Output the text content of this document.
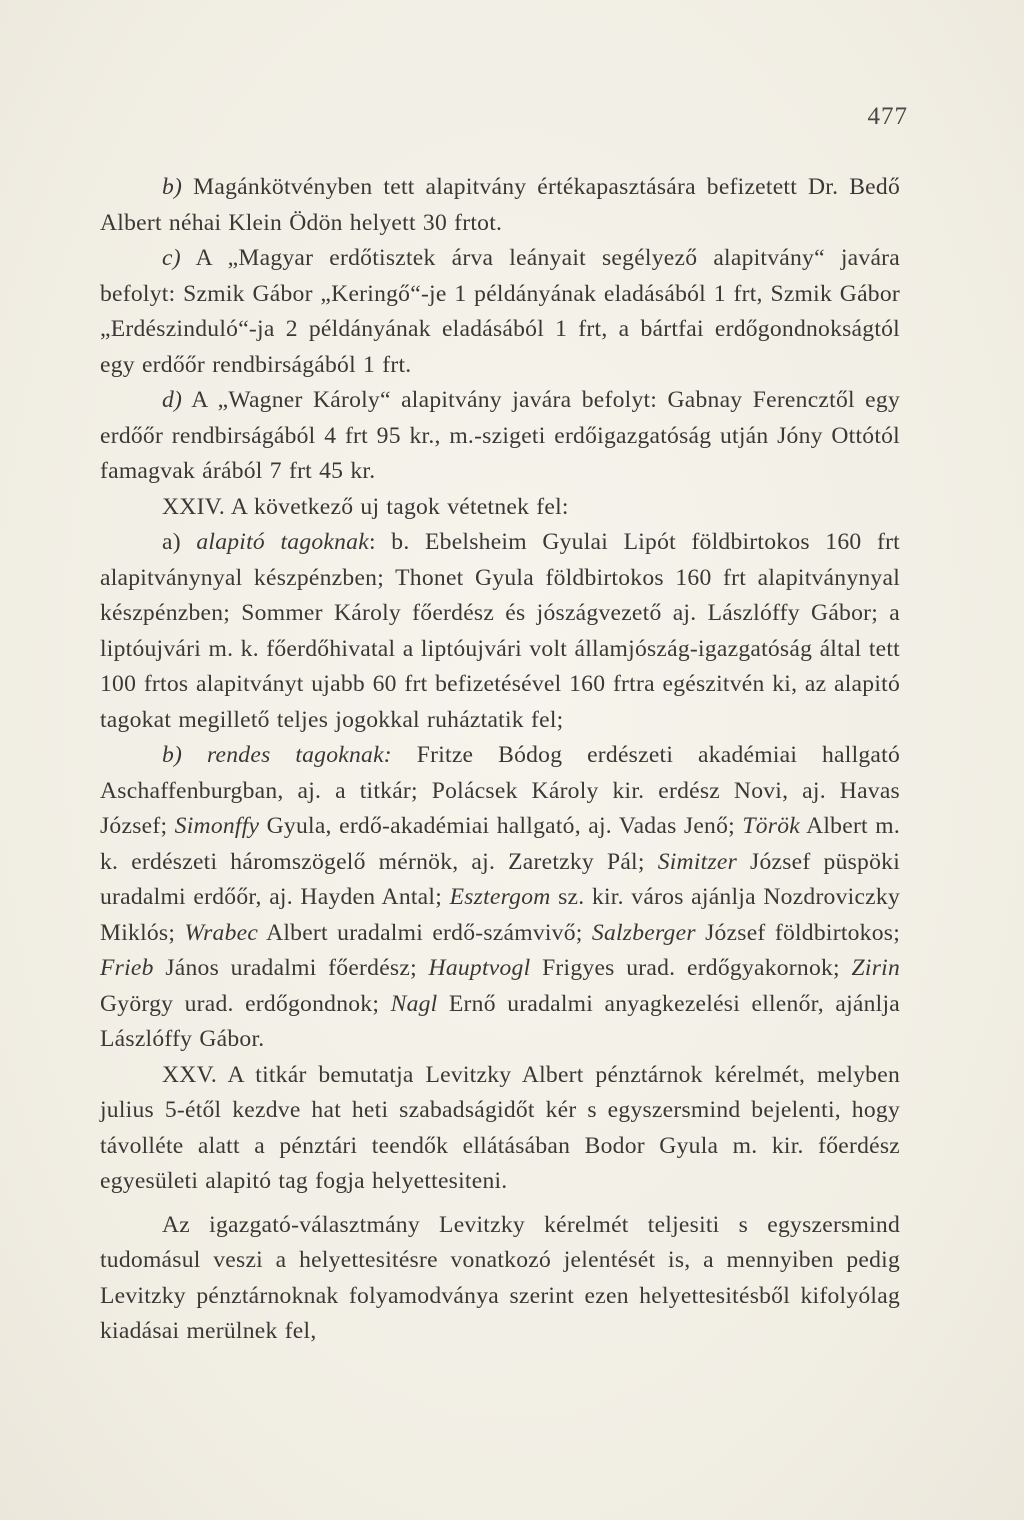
477

b) Magánkötvényben tett alapitvány értékapasztására befizetett Dr. Bedő Albert néhai Klein Ödön helyett 30 frtot.

c) A „Magyar erdőtisztek árva leányait segélyező alapitvány“ javára befolyt: Szmik Gábor „Keringő“-je 1 példányának eladásából 1 frt, Szmik Gábor „Erdészinduló“-ja 2 példányának eladásából 1 frt, a bártfai erdőgondnokságtól egy erdőőr rendbirságából 1 frt.

d) A „Wagner Károly“ alapitvány javára befolyt: Gabnay Ferencztől egy erdőőr rendbirságából 4 frt 95 kr., m.-szigeti erdőigazgatóság utján Jóny Ottótól famagvak árából 7 frt 45 kr.

XXIV. A következő uj tagok vétetnek fel:

a) alapitó tagoknak: b. Ebelsheim Gyulai Lipót földbirtokos 160 frt alapitványnyal készpénzben; Thonet Gyula földbirtokos 160 frt alapitványnyal készpénzben; Sommer Károly főerdész és jószágvezető aj. Lászlóffy Gábor; a liptóujvári m. k. főerdőhivatal a liptóujvári volt államjószág-igazgatóság által tett 100 frtos alapitványt ujabb 60 frt befizetésével 160 frtra egészitvén ki, az alapitó tagokat megillető teljes jogokkal ruháztatik fel;

b) rendes tagoknak: Fritze Bódog erdészeti akadémiai hallgató Aschaffenburgban, aj. a titkár; Polácsek Károly kir. erdész Novi, aj. Havas József; Simonffy Gyula, erdő-akadémiai hallgató, aj. Vadas Jenő; Török Albert m. k. erdészeti háromszögelő mérnök, aj. Zaretzky Pál; Simitzer József püspöki uradalmi erdőőr, aj. Hayden Antal; Esztergom sz. kir. város ajánlja Nozdroviczky Miklós; Wrabec Albert uradalmi erdő-számvivő; Salzberger József földbirtokos; Frieb János uradalmi főerdész; Hauptvogl Frigyes urad. erdőgyakornok; Zirin György urad. erdőgondnok; Nagl Ernő uradalmi anyagkezelési ellenőr, ajánlja Lászlóffy Gábor.

XXV. A titkár bemutatja Levitzky Albert pénztárnok kérelmét, melyben julius 5-étől kezdve hat heti szabadságidőt kér s egyszersmind bejelenti, hogy távolléte alatt a pénztári teendők ellátásában Bodor Gyula m. kir. főerdész egyesületi alapitó tag fogja helyettesiteni.

Az igazgató-választmány Levitzky kérelmét teljesiti s egyszersmind tudomásul veszi a helyettesitésre vonatkozó jelentését is, a mennyiben pedig Levitzky pénztárnoknak folyamodványa szerint ezen helyettesitésből kifolyólag kiadásai merülnek fel,
